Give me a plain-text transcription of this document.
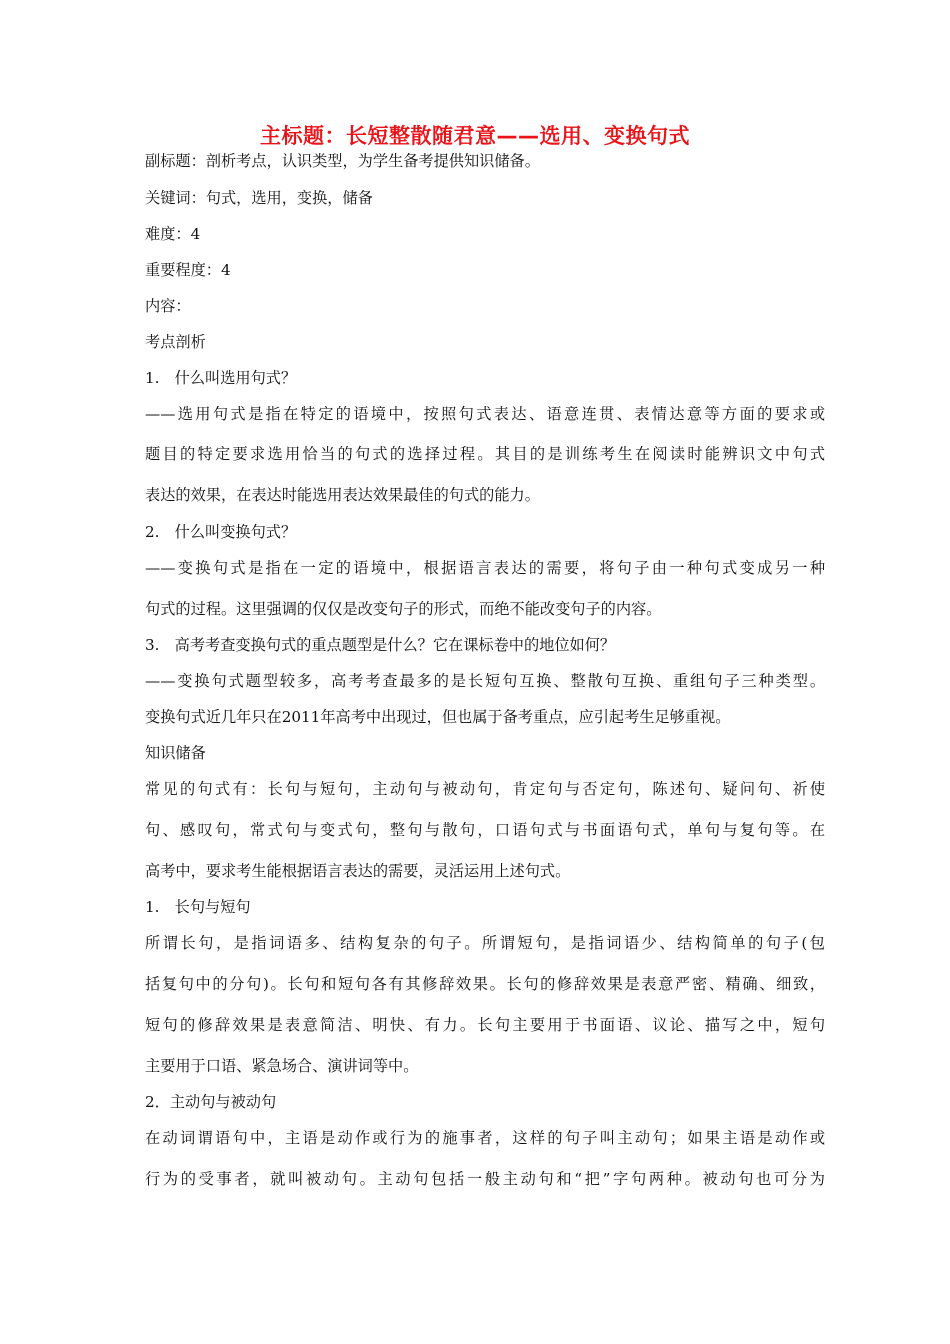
主标题：长短整散随君意——选用、变换句式
副标题：剖析考点，认识类型，为学生备考提供知识储备。
关键词：句式，选用，变换，储备
难度：4
重要程度：4
内容：
考点剖析
1.　什么叫选用句式？
——选用句式是指在特定的语境中，按照句式表达、语意连贯、表情达意等方面的要求或
题目的特定要求选用恰当的句式的选择过程。其目的是训练考生在阅读时能辨识文中句式
表达的效果，在表达时能选用表达效果最佳的句式的能力。
2.　什么叫变换句式？
——变换句式是指在一定的语境中，根据语言表达的需要，将句子由一种句式变成另一种
句式的过程。这里强调的仅仅是改变句子的形式，而绝不能改变句子的内容。
3.　高考考查变换句式的重点题型是什么？它在课标卷中的地位如何？
——变换句式题型较多，高考考查最多的是长短句互换、整散句互换、重组句子三种类型。
变换句式近几年只在2011年高考中出现过，但也属于备考重点，应引起考生足够重视。
知识储备
常见的句式有：长句与短句，主动句与被动句，肯定句与否定句，陈述句、疑问句、祈使
句、感叹句，常式句与变式句，整句与散句，口语句式与书面语句式，单句与复句等。在
高考中，要求考生能根据语言表达的需要，灵活运用上述句式。
1.　长句与短句
所谓长句，是指词语多、结构复杂的句子。所谓短句，是指词语少、结构简单的句子(包
括复句中的分句)。长句和短句各有其修辞效果。长句的修辞效果是表意严密、精确、细致，
短句的修辞效果是表意简洁、明快、有力。长句主要用于书面语、议论、描写之中，短句
主要用于口语、紧急场合、演讲词等中。
2．主动句与被动句
在动词谓语句中，主语是动作或行为的施事者，这样的句子叫主动句；如果主语是动作或
行为的受事者，就叫被动句。主动句包括一般主动句和“把”字句两种。被动句也可分为
